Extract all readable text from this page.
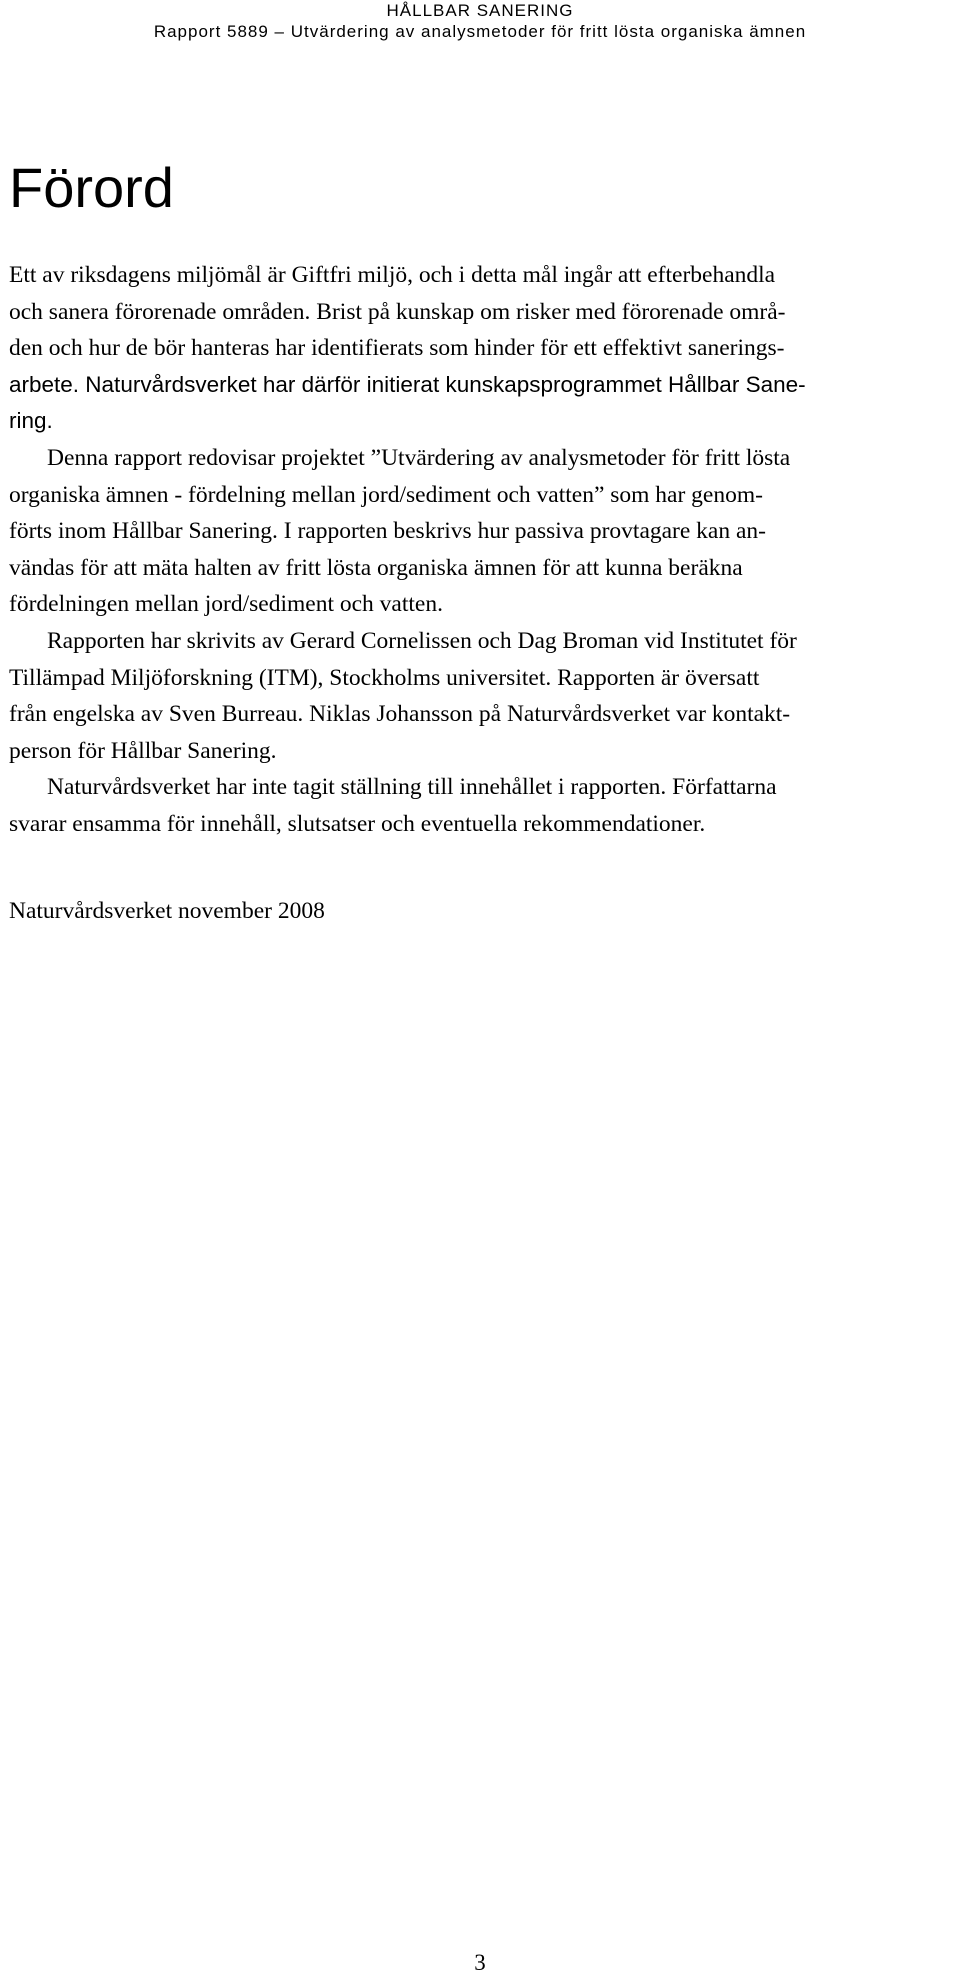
HÅLLBAR SANERING
Rapport 5889 – Utvärdering av analysmetoder för fritt lösta organiska ämnen
Förord
Ett av riksdagens miljömål är Giftfri miljö, och i detta mål ingår att efterbehandla
och sanera förorenade områden. Brist på kunskap om risker med förorenade områ-
den och hur de bör hanteras har identifierats som hinder för ett effektivt sanerings-
arbete. Naturvårdsverket har därför initierat kunskapsprogrammet Hållbar Sane-
ring.
Denna rapport redovisar projektet ”Utvärdering av analysmetoder för fritt lösta
organiska ämnen - fördelning mellan jord/sediment och vatten” som har genom-
förts inom Hållbar Sanering. I rapporten beskrivs hur passiva provtagare kan an-
vändas för att mäta halten av fritt lösta organiska ämnen för att kunna beräkna
fördelningen mellan jord/sediment och vatten.
Rapporten har skrivits av Gerard Cornelissen och Dag Broman vid Institutet för
Tillämpad Miljöforskning (ITM), Stockholms universitet. Rapporten är översatt
från engelska av Sven Burreau. Niklas Johansson på Naturvårdsverket var kontakt-
person för Hållbar Sanering.
Naturvårdsverket har inte tagit ställning till innehållet i rapporten. Författarna
svarar ensamma för innehåll, slutsatser och eventuella rekommendationer.
Naturvårdsverket november 2008
3
